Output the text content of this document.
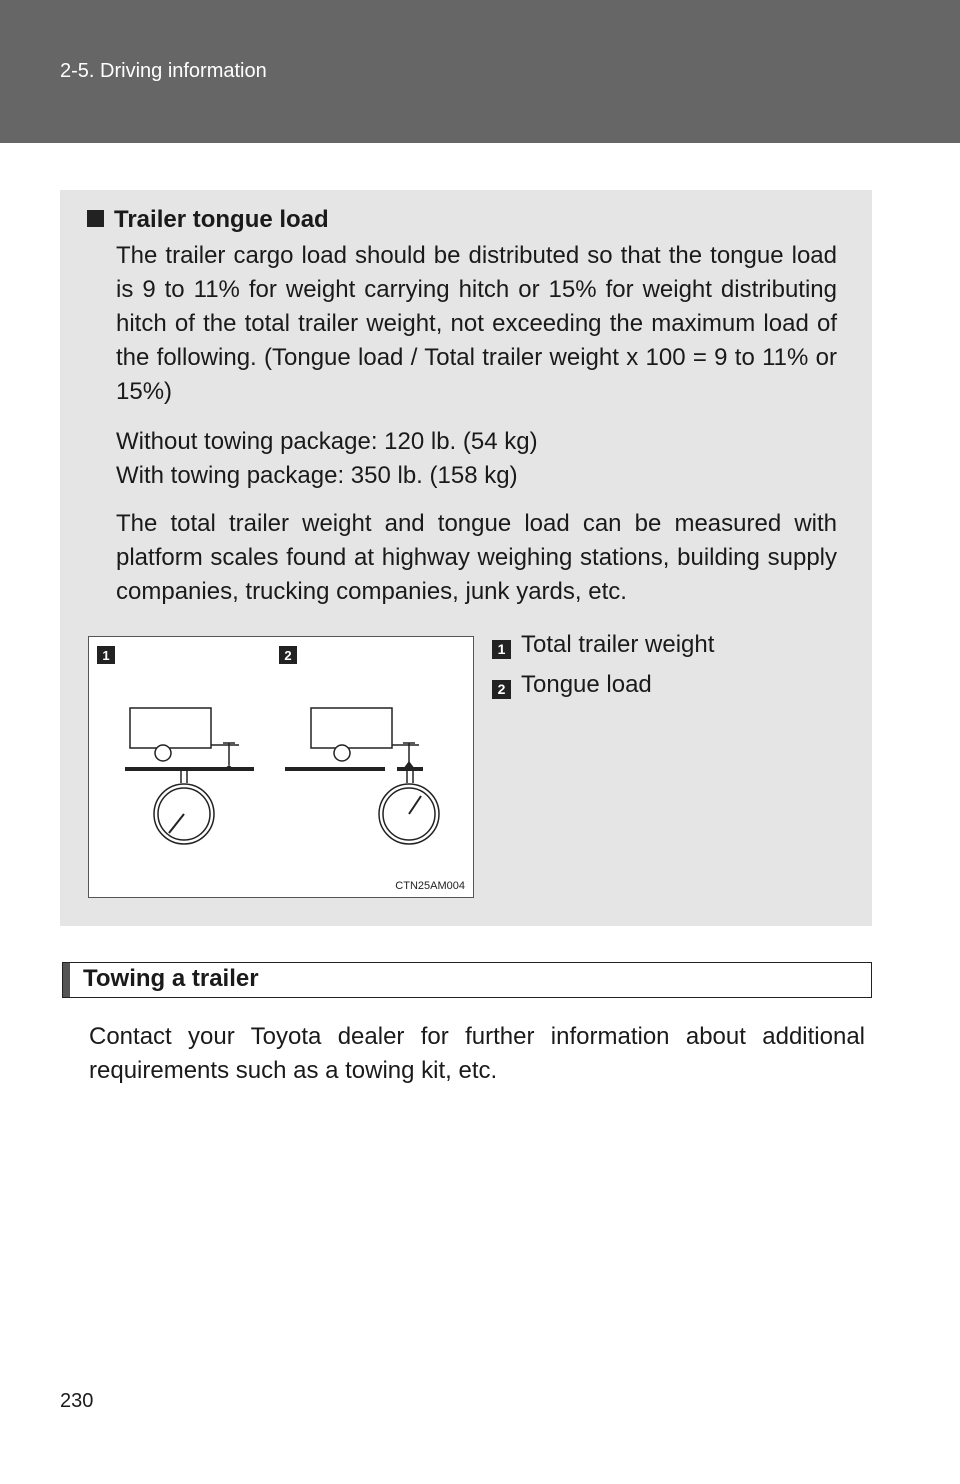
2-5. Driving information
Trailer tongue load
The trailer cargo load should be distributed so that the tongue load is 9 to 11% for weight carrying hitch or 15% for weight distributing hitch of the total trailer weight, not exceeding the maximum load of the following. (Tongue load / Total trailer weight x 100 = 9 to 11% or 15%)
Without towing package: 120 lb. (54 kg)
With towing package: 350 lb. (158 kg)
The total trailer weight and tongue load can be measured with platform scales found at highway weighing stations, building supply companies, trucking companies, junk yards, etc.
1	2
CTN25AM004
1 Total trailer weight
2 Tongue load
Towing a trailer
Contact your Toyota dealer for further information about additional requirements such as a towing kit, etc.
230
